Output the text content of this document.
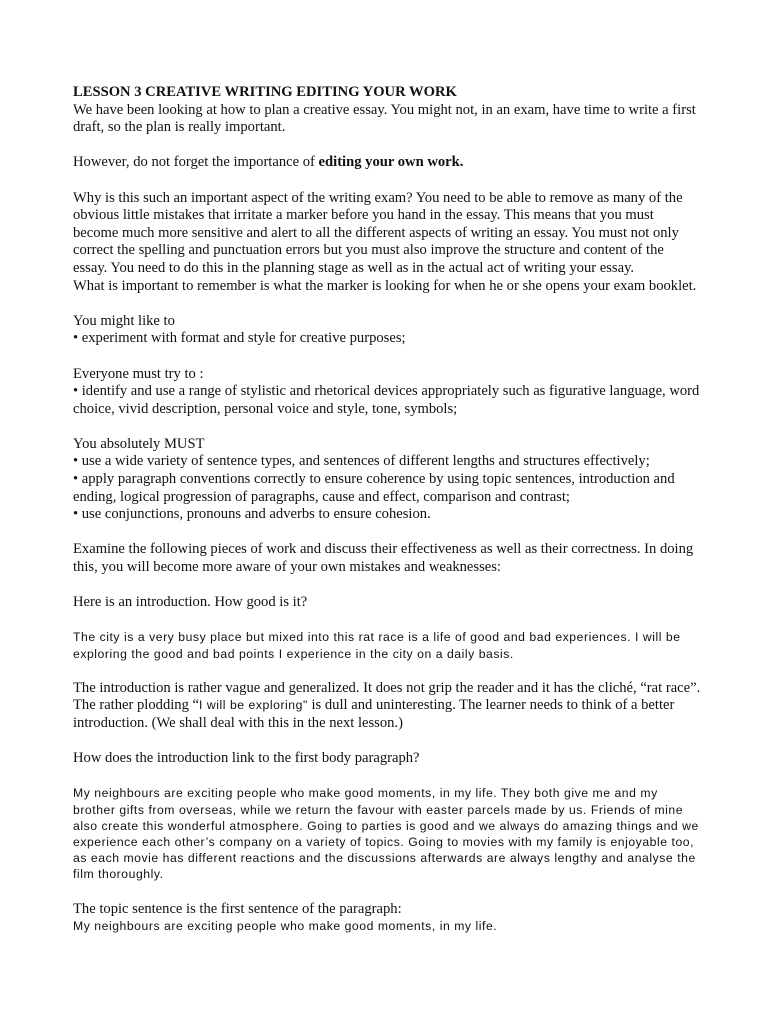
LESSON 3 CREATIVE WRITING EDITING YOUR WORK

We have been looking at how to plan a creative essay. You might not, in an exam, have time to write a first draft, so the plan is really important.

However, do not forget the importance of editing your own work.

Why is this such an important aspect of the writing exam? You need to be able to remove as many of the obvious little mistakes that irritate a marker before you hand in the essay. This means that you must become much more sensitive and alert to all the different aspects of writing an essay. You must not only correct the spelling and punctuation errors but you must also improve the structure and content of the essay. You need to do this in the planning stage as well as in the actual act of writing your essay.

What is important to remember is what the marker is looking for when he or she opens your exam booklet.

You might like to

• experiment with format and style for creative purposes;

Everyone must try to :

• identify and use a range of stylistic and rhetorical devices appropriately such as figurative language, word choice, vivid description, personal voice and style, tone, symbols;

You absolutely MUST

• use a wide variety of sentence types, and sentences of different lengths and structures effectively;

• apply paragraph conventions correctly to ensure coherence by using topic sentences, introduction and ending, logical progression of paragraphs, cause and effect, comparison and contrast;

• use conjunctions, pronouns and adverbs to ensure cohesion.

Examine the following pieces of work and discuss their effectiveness as well as their correctness. In doing this, you will become more aware of your own mistakes and weaknesses:

Here is an introduction. How good is it?

The city is a very busy place but mixed into this rat race is a life of good and bad experiences. I will be exploring the good and bad points I experience in the city on a daily basis.

The introduction is rather vague and generalized. It does not grip the reader and it has the cliché, “rat race”. The rather plodding “I will be exploring" is dull and uninteresting. The learner needs to think of a better introduction. (We shall deal with this in the next lesson.)

How does the introduction link to the first body paragraph?

My neighbours are exciting people who make good moments, in my life. They both give me and my brother gifts from overseas, while we return the favour with easter parcels made by us. Friends of mine also create this wonderful atmosphere. Going to parties is good and we always do amazing things and we experience each other’s company on a variety of topics. Going to movies with my family is enjoyable too, as each movie has different reactions and the discussions afterwards are always lengthy and analyse the film thoroughly.

The topic sentence is the first sentence of the paragraph:

My neighbours are exciting people who make good moments, in my life.
